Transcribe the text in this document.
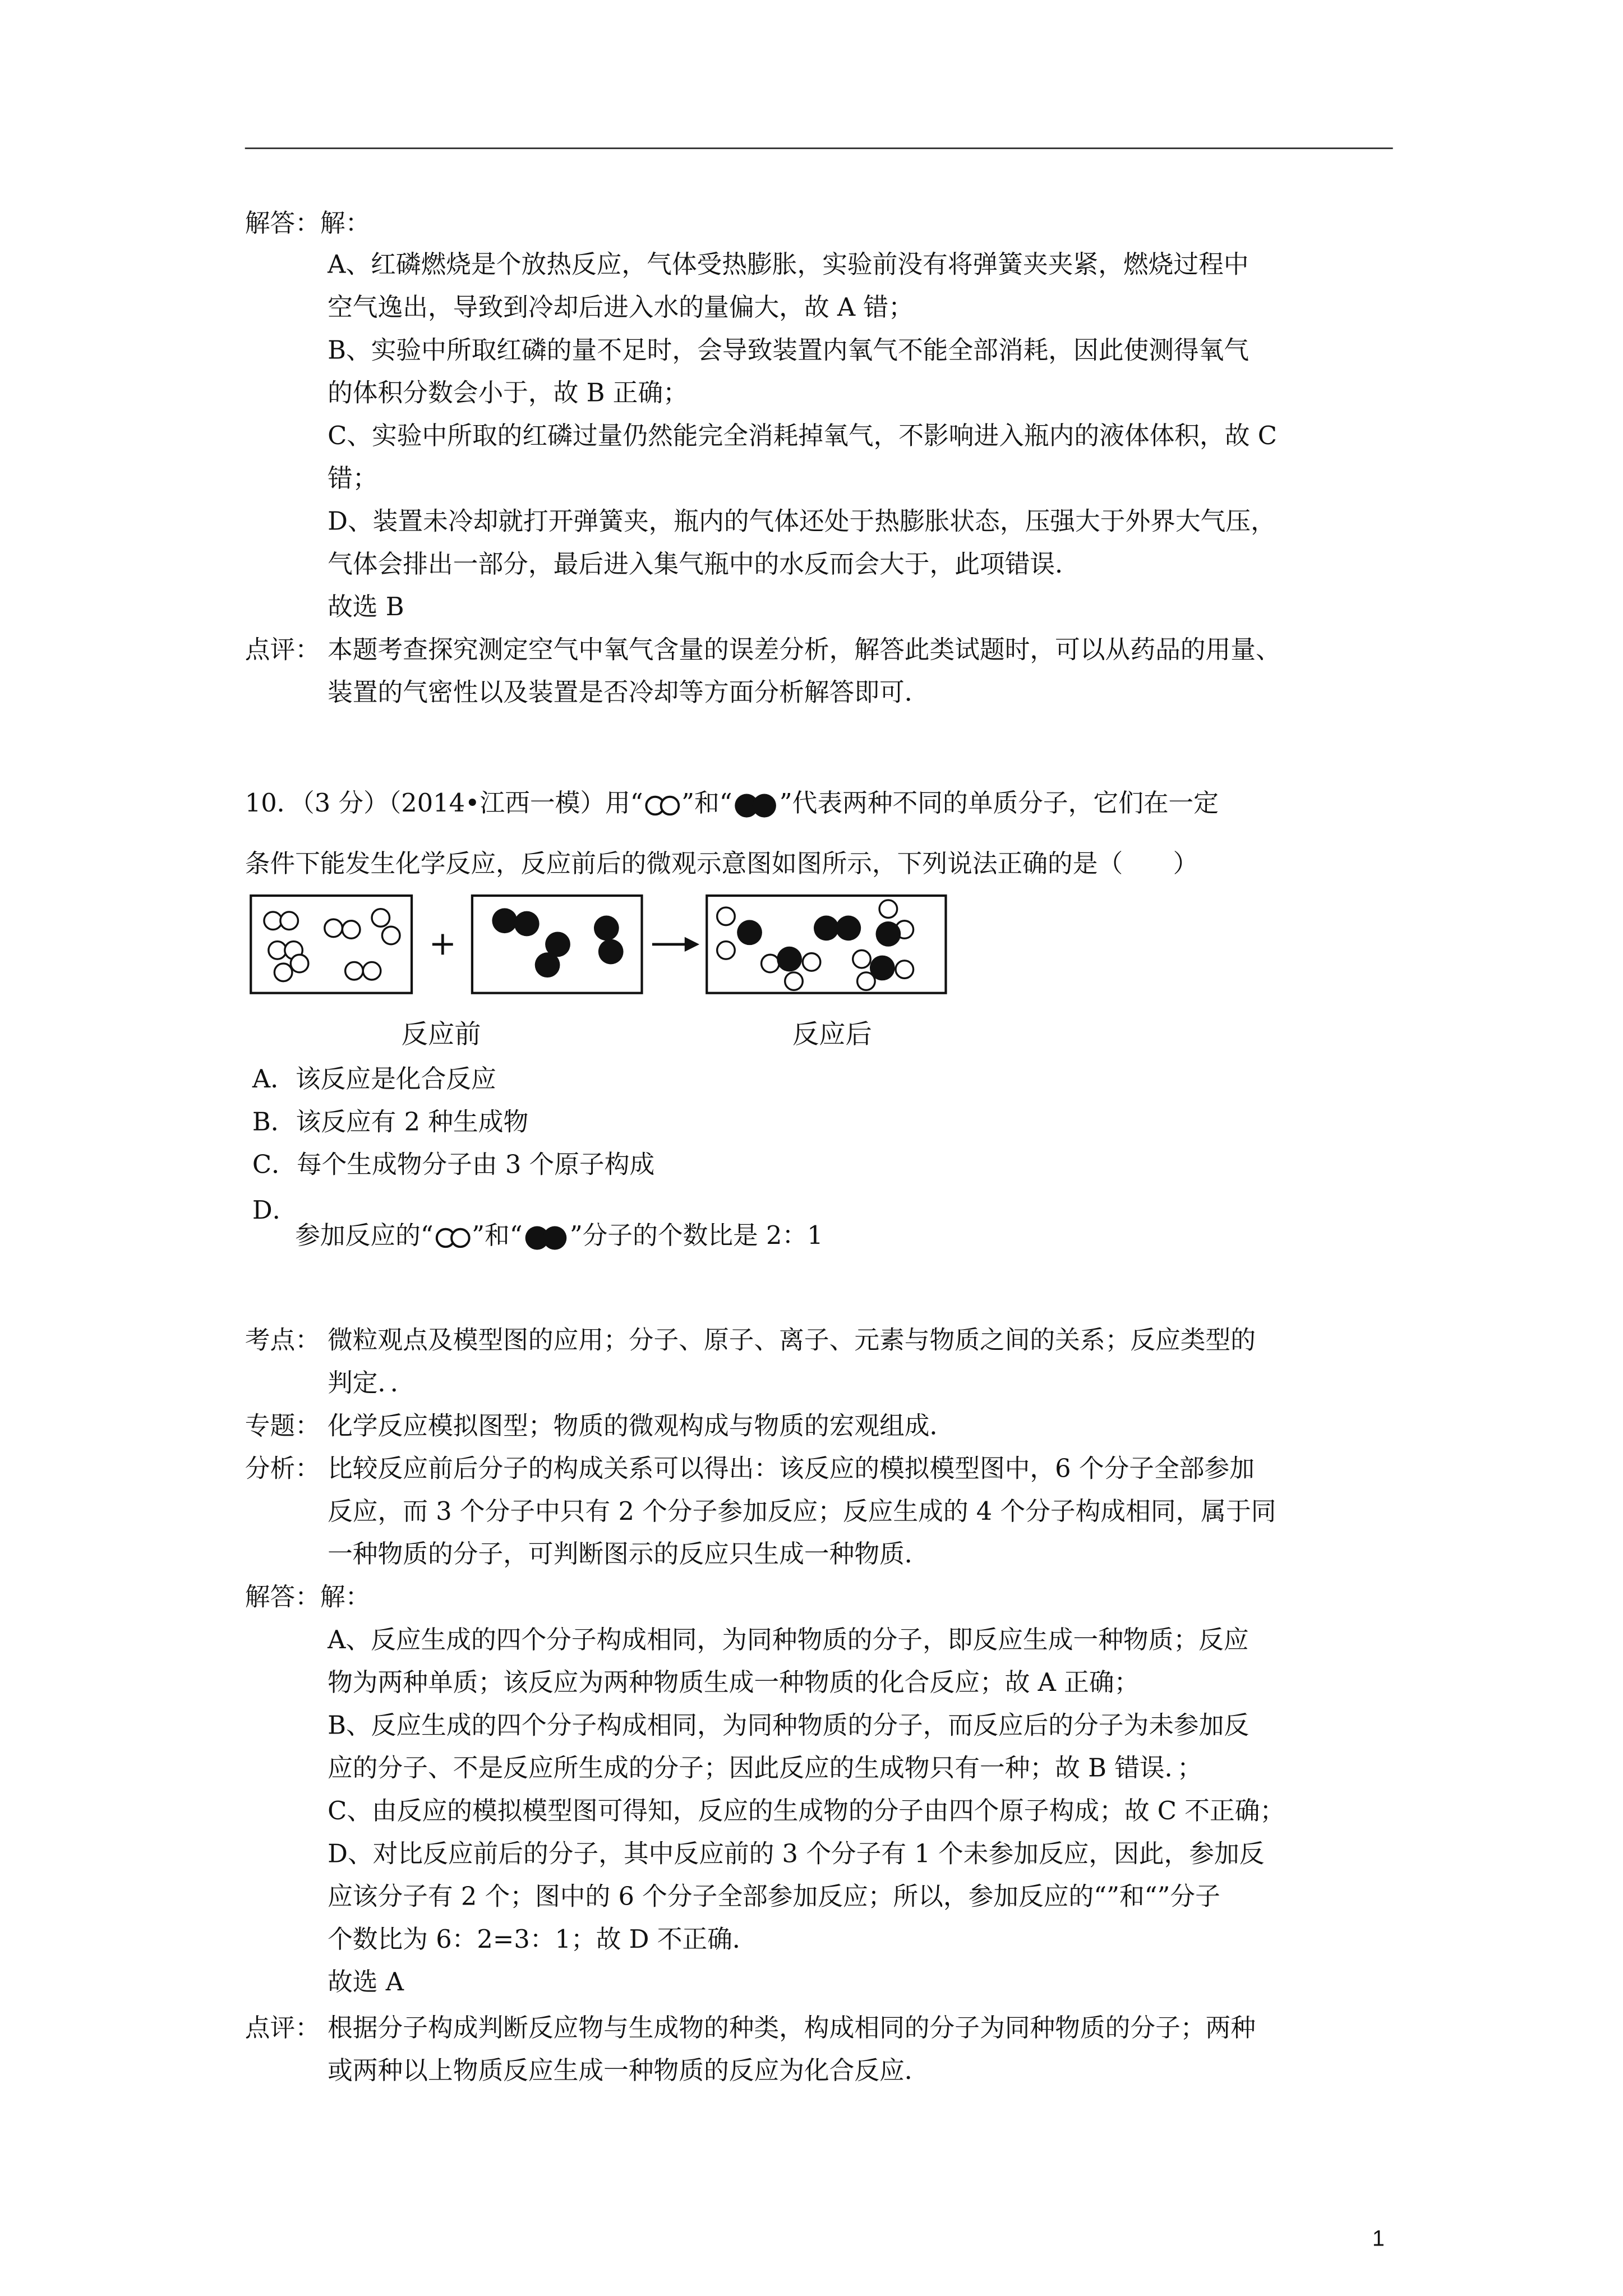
解答：解：
A、红磷燃烧是个放热反应，气体受热膨胀，实验前没有将弹簧夹夹紧，燃烧过程中
空气逸出，导致到冷却后进入水的量偏大，故 A 错；
B、实验中所取红磷的量不足时，会导致装置内氧气不能全部消耗，因此使测得氧气
的体积分数会小于，故 B 正确；
C、实验中所取的红磷过量仍然能完全消耗掉氧气，不影响进入瓶内的液体体积，故 C
错；
D、装置未冷却就打开弹簧夹，瓶内的气体还处于热膨胀状态，压强大于外界大气压，
气体会排出一部分，最后进入集气瓶中的水反而会大于，此项错误．
故选 B
点评： 本题考查探究测定空气中氧气含量的误差分析，解答此类试题时，可以从药品的用量、
装置的气密性以及装置是否冷却等方面分析解答即可．
10．（3 分）（2014•江西一模）用“	”和“	”代表两种不同的单质分子，它们在一定
条件下能发生化学反应，反应前后的微观示意图如图所示，下列说法正确的是（　　）
反应前	反应后
A．该反应是化合反应
B．该反应有 2 种生成物
C．每个生成物分子由 3 个原子构成
D．
参加反应的“	”和“	”分子的个数比是 2：1
考点： 微粒观点及模型图的应用；分子、原子、离子、元素与物质之间的关系；反应类型的
判定．．
专题： 化学反应模拟图型；物质的微观构成与物质的宏观组成．
分析： 比较反应前后分子的构成关系可以得出：该反应的模拟模型图中，6 个分子全部参加
反应，而 3 个分子中只有 2 个分子参加反应；反应生成的 4 个分子构成相同，属于同
一种物质的分子，可判断图示的反应只生成一种物质．
解答：解：
A、反应生成的四个分子构成相同，为同种物质的分子，即反应生成一种物质；反应
物为两种单质；该反应为两种物质生成一种物质的化合反应；故 A 正确；
B、反应生成的四个分子构成相同，为同种物质的分子，而反应后的分子为未参加反
应的分子、不是反应所生成的分子；因此反应的生成物只有一种；故 B 错误．；
C、由反应的模拟模型图可得知，反应的生成物的分子由四个原子构成；故 C 不正确；
D、对比反应前后的分子，其中反应前的 3 个分子有 1 个未参加反应，因此，参加反
应该分子有 2 个；图中的 6 个分子全部参加反应；所以，参加反应的“”和“”分子
个数比为 6：2=3：1；故 D 不正确．
故选 A
点评： 根据分子构成判断反应物与生成物的种类，构成相同的分子为同种物质的分子；两种
或两种以上物质反应生成一种物质的反应为化合反应．
1
